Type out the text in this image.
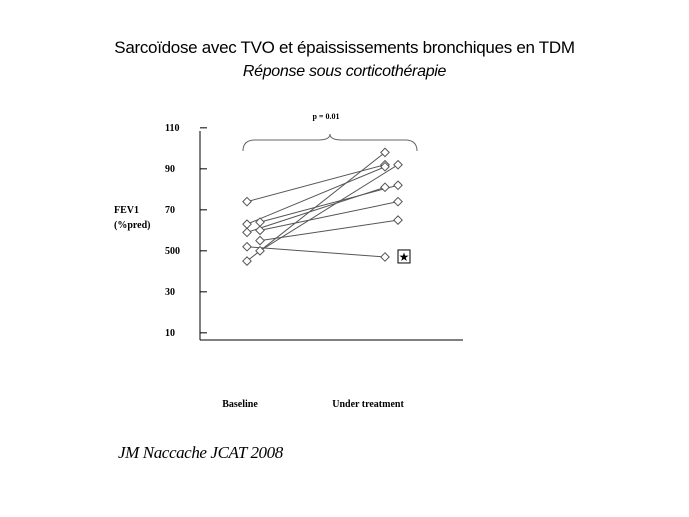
Sarcoïdose avec TVO et épaississements bronchiques en TDM
Réponse sous corticothérapie
110
90
70
500
30
10
FEV1
(%pred)
Baseline	Under treatment
p = 0.01
★
JM Naccache JCAT 2008
